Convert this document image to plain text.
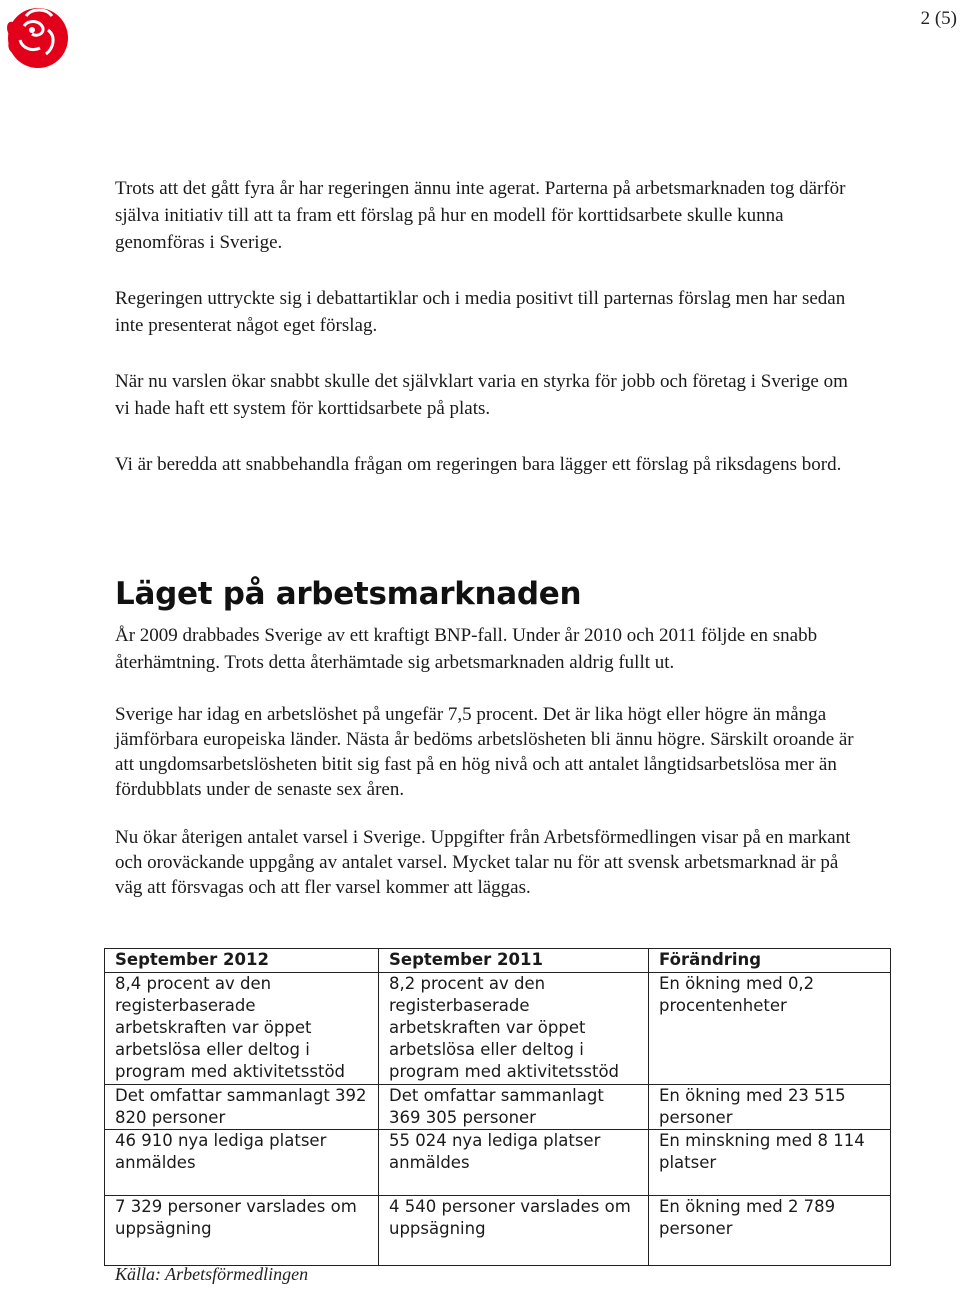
2 (5)

Trots att det gått fyra år har regeringen ännu inte agerat. Parterna på arbetsmarknaden tog därför själva initiativ till att ta fram ett förslag på hur en modell för korttidsarbete skulle kunna genomföras i Sverige.

Regeringen uttryckte sig i debattartiklar och i media positivt till parternas förslag men har sedan inte presenterat något eget förslag.

När nu varslen ökar snabbt skulle det självklart varia en styrka för jobb och företag i Sverige om vi hade haft ett system för korttidsarbete på plats.

Vi är beredda att snabbehandla frågan om regeringen bara lägger ett förslag på riksdagens bord.

Läget på arbetsmarknaden

År 2009 drabbades Sverige av ett kraftigt BNP-fall. Under år 2010 och 2011 följde en snabb återhämtning. Trots detta återhämtade sig arbetsmarknaden aldrig fullt ut.

Sverige har idag en arbetslöshet på ungefär 7,5 procent. Det är lika högt eller högre än många jämförbara europeiska länder. Nästa år bedöms arbetslösheten bli ännu högre. Särskilt oroande är att ungdomsarbetslösheten bitit sig fast på en hög nivå och att antalet långtidsarbetslösa mer än fördubblats under de senaste sex åren.

Nu ökar återigen antalet varsel i Sverige. Uppgifter från Arbetsförmedlingen visar på en markant och oroväckande uppgång av antalet varsel. Mycket talar nu för att svensk arbetsmarknad är på väg att försvagas och att fler varsel kommer att läggas.

September 2012	September 2011	Förändring
8,4 procent av den registerbaserade arbetskraften var öppet arbetslösa eller deltog i program med aktivitetsstöd	8,2 procent av den registerbaserade arbetskraften var öppet arbetslösa eller deltog i program med aktivitetsstöd	En ökning med 0,2 procentenheter
Det omfattar sammanlagt 392 820 personer	Det omfattar sammanlagt 369 305 personer	En ökning med 23 515 personer
46 910 nya lediga platser anmäldes	55 024 nya lediga platser anmäldes	En minskning med 8 114 platser
7 329 personer varslades om uppsägning	4 540 personer varslades om uppsägning	En ökning med 2 789 personer
Källa: Arbetsförmedlingen
